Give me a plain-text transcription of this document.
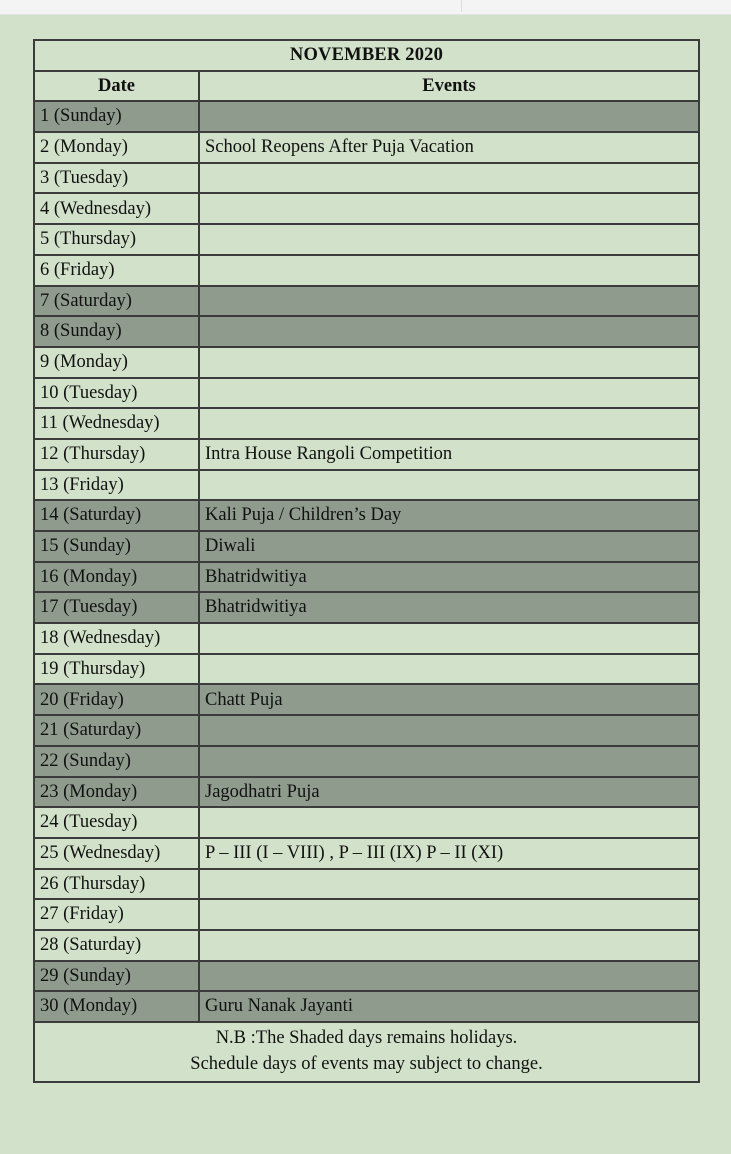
NOVEMBER 2020	
Date	Events
1 (Sunday)	
2 (Monday)	School Reopens After Puja Vacation
3 (Tuesday)	
4 (Wednesday)	
5 (Thursday)	
6 (Friday)	
7 (Saturday)	
8 (Sunday)	
9 (Monday)	
10 (Tuesday)	
11 (Wednesday)	
12 (Thursday)	Intra House Rangoli Competition
13 (Friday)	
14 (Saturday)	Kali Puja / Children’s Day
15 (Sunday)	Diwali
16 (Monday)	Bhatridwitiya
17 (Tuesday)	Bhatridwitiya
18 (Wednesday)	
19 (Thursday)	
20 (Friday)	Chatt Puja
21 (Saturday)	
22 (Sunday)	
23 (Monday)	Jagodhatri Puja
24 (Tuesday)	
25 (Wednesday)	P – III (I – VIII) , P – III (IX) P – II (XI)
26 (Thursday)	
27 (Friday)	
28 (Saturday)	
29 (Sunday)	
30 (Monday)	Guru Nanak Jayanti

N.B :The Shaded days remains holidays.
Schedule days of events may subject to change.	
